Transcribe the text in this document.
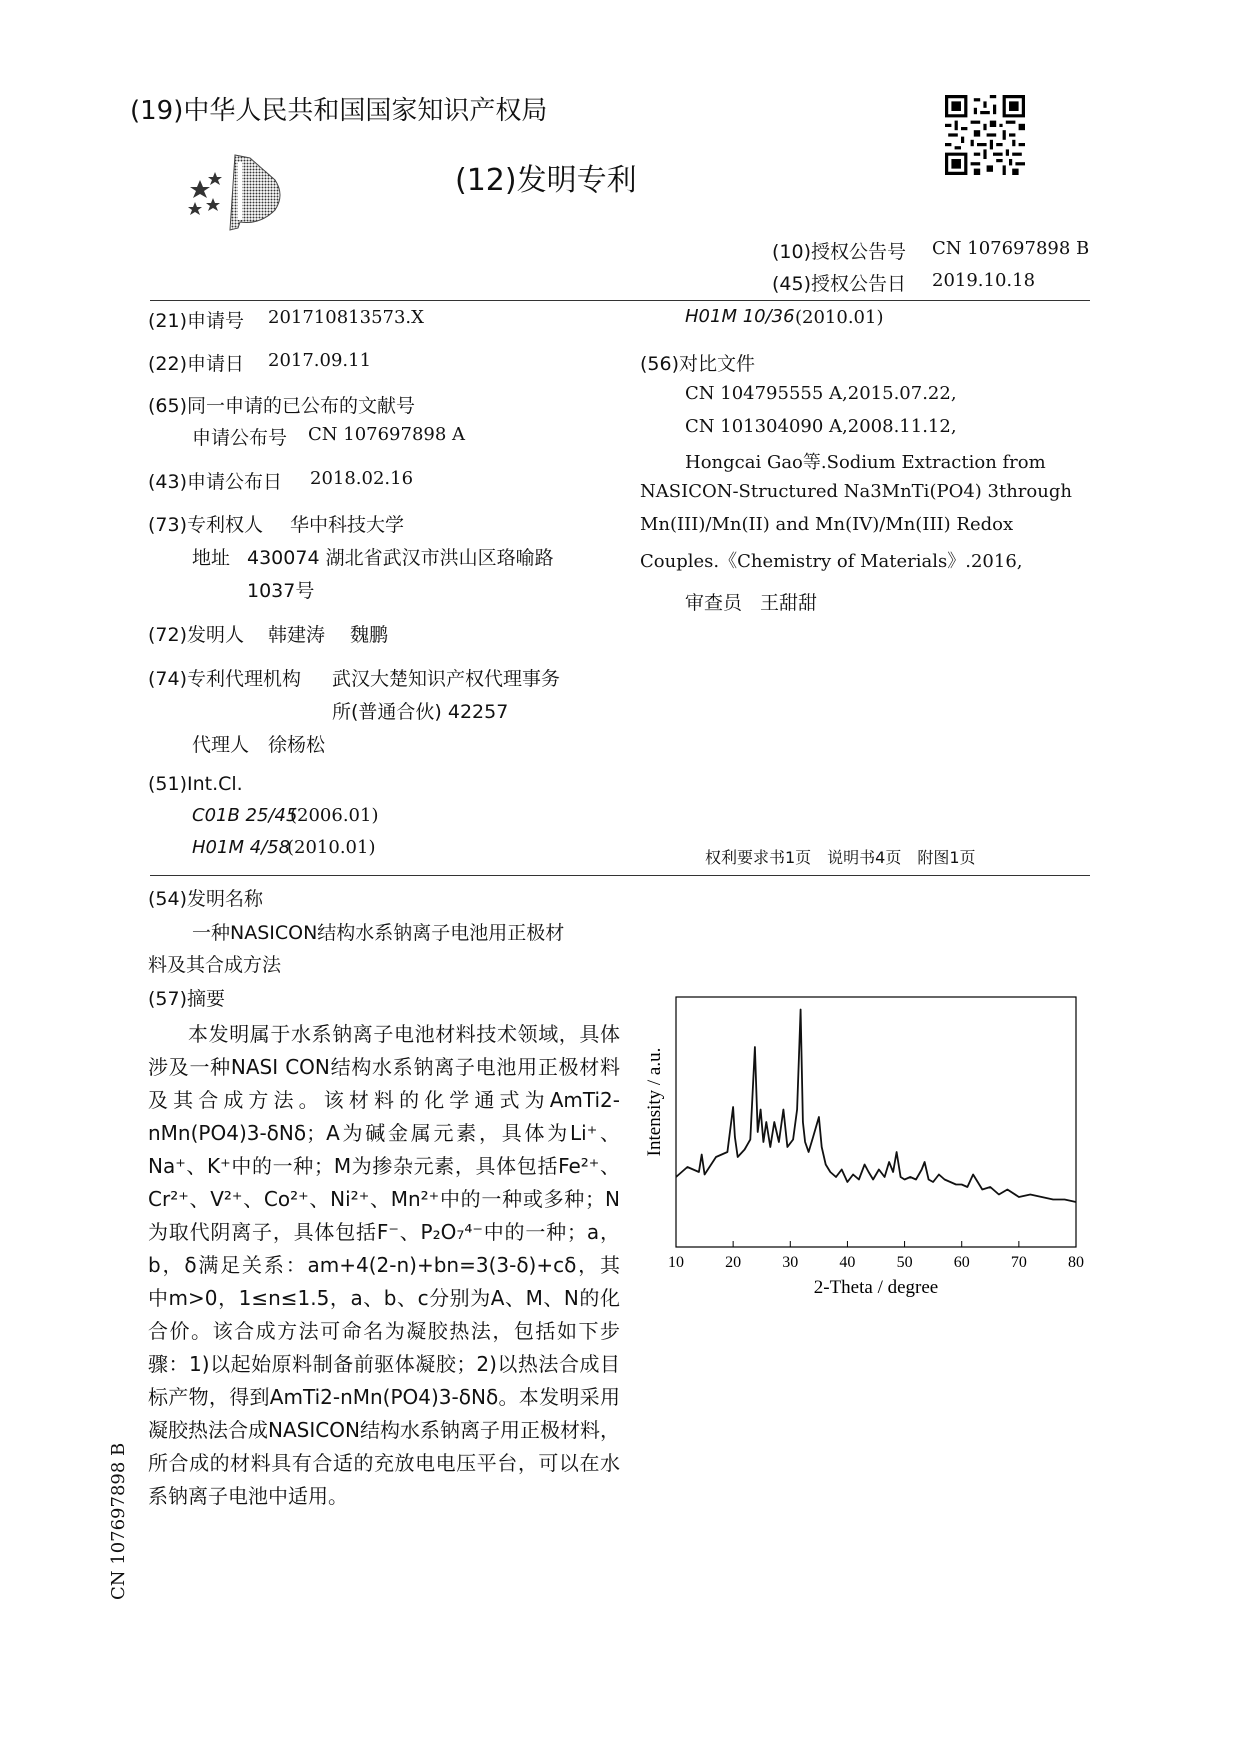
(19)中华人民共和国国家知识产权局
(12)发明专利
(10)授权公告号 CN 107697898 B
(45)授权公告日 2019.10.18
(21)申请号 201710813573.X
(22)申请日 2017.09.11
(65)同一申请的已公布的文献号
申请公布号 CN 107697898 A
(43)申请公布日 2018.02.16
(73)专利权人 华中科技大学
地址 430074 湖北省武汉市洪山区珞喻路
1037号
(72)发明人 韩建涛　 魏鹏
(74)专利代理机构 武汉大楚知识产权代理事务
所(普通合伙) 42257
代理人 徐杨松
(51)Int.Cl.
C01B 25/45
(2006.01)
H01M 4/58
(2010.01)
H01M 10/36 (2010.01)
(56)对比文件
CN 104795555 A,2015.07.22,
CN 101304090 A,2008.11.12,
Hongcai Gao等.Sodium Extraction from
NASICON-Structured Na3MnTi(PO4) 3through
Mn(III)/Mn(II) and Mn(IV)/Mn(III) Redox
Couples.《Chemistry of Materials》.2016,
审查员 王甜甜
权利要求书1页　说明书4页　附图1页
(54)发明名称
一种NASICON结构水系钠离子电池用正极材
料及其合成方法
(57)摘要

本发明属于水系钠离子电池材料技术领域，具体涉及一种NASI CON结构水系钠离子电池用正极材料及其合成方法。该材料的化学通式为AmTi2-nMn(PO4)3-δNδ；A为碱金属元素，具体为Li⁺、Na⁺、K⁺中的一种；M为掺杂元素，具体包括Fe²⁺、Cr²⁺、V²⁺、Co²⁺、Ni²⁺、Mn²⁺中的一种或多种；N为取代阴离子，具体包括F⁻、P₂O₇⁴⁻中的一种；a，b，δ满足关系：am+4(2-n)+bn=3(3-δ)+cδ，其中m>0，1≤n≤1.5，a、b、c分别为A、M、N的化合价。该合成方法可命名为凝胶热法，包括如下步骤：1)以起始原料制备前驱体凝胶；2)以热法合成目标产物，得到AmTi2-nMn(PO4)3-δNδ。本发明采用凝胶热法合成NASICON结构水系钠离子用正极材料，所合成的材料具有合适的充放电电压平台，可以在水系钠离子电池中适用。

CN 107697898 B
10	20	30	40	50	60	70	80
2-Theta / degree
Intensity / a.u.
